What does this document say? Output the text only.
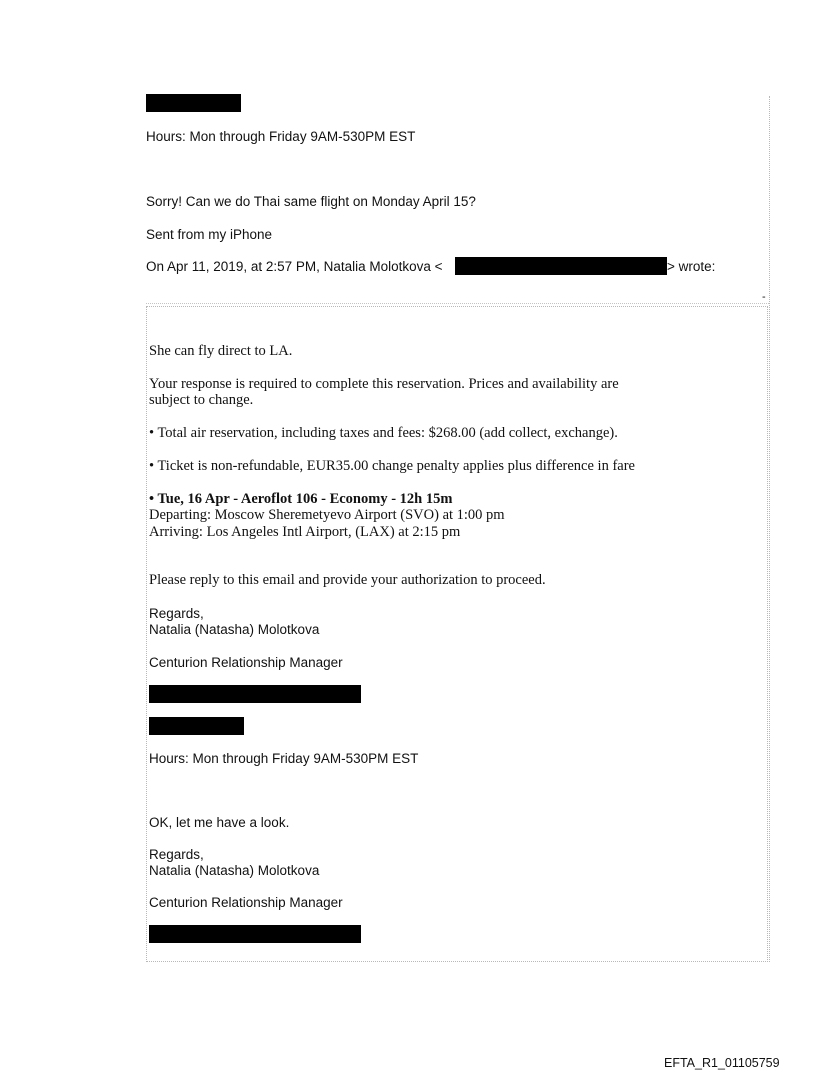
-
Hours: Mon through Friday 9AM-530PM EST
Sorry! Can we do Thai same flight on Monday April 15?
Sent from my iPhone
On Apr 11, 2019, at 2:57 PM, Natalia Molotkova <	> wrote:
She can fly direct to LA.
Your response is required to complete this reservation. Prices and availability are
subject to change.
• Total air reservation, including taxes and fees: $268.00 (add collect, exchange).
• Ticket is non-refundable, EUR35.00 change penalty applies plus difference in fare
• Tue, 16 Apr - Aeroflot 106 - Economy - 12h 15m
Departing: Moscow Sheremetyevo Airport (SVO) at 1:00 pm
Arriving: Los Angeles Intl Airport, (LAX) at 2:15 pm
Please reply to this email and provide your authorization to proceed.
Regards,
Natalia (Natasha) Molotkova
Centurion Relationship Manager
Hours: Mon through Friday 9AM-530PM EST
OK, let me have a look.
Regards,
Natalia (Natasha) Molotkova
Centurion Relationship Manager
EFTA_R1_01105759
